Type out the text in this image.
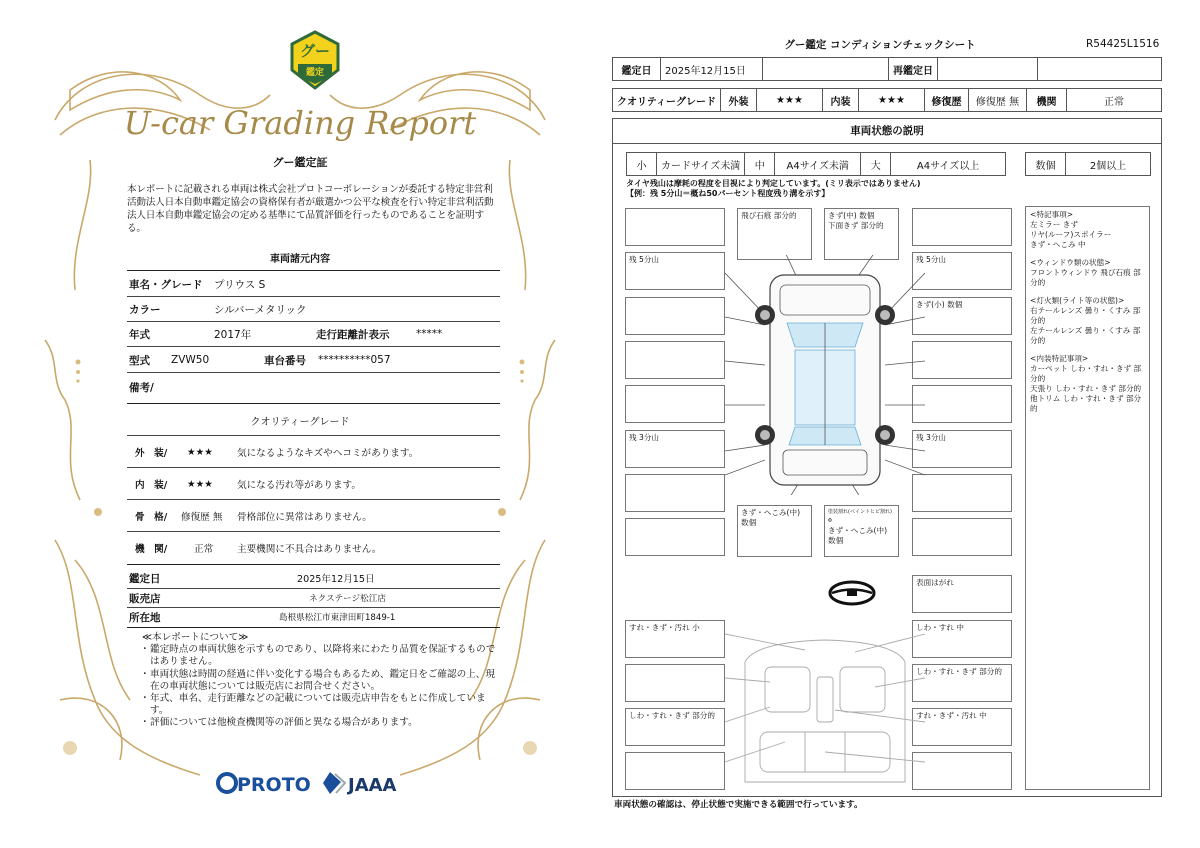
グー
鑑定
U-car Grading Report
グー鑑定証
本レポートに記載される車両は株式会社プロトコーポレーションが委託する特定非営利活動法人日本自動車鑑定協会の資格保有者が厳選かつ公平な検査を行い特定非営利活動法人日本自動車鑑定協会の定める基準にて品質評価を行ったものであることを証明する。
車両諸元内容
車名・グレード	プリウス S
カラー	シルバーメタリック
年式	2017年	走行距離計表示	*****
型式	ZVW50	車台番号	**********057
備考/
クオリティーグレード
外　装/	★★★	気になるようなキズやヘコミがあります。
内　装/	★★★	気になる汚れ等があります。
骨　格/	修復歴 無	骨格部位に異常はありません。
機　関/	正常	主要機関に不具合はありません。
鑑定日	2025年12月15日
販売店	ネクステージ松江店
所在地	島根県松江市東津田町1849-1
≪本レポートについて≫
・ 鑑定時点の車両状態を示すものであり、以降将来にわたり品質を保証するものではありません。
・ 車両状態は時間の経過に伴い変化する場合もあるため、鑑定日をご確認の上、現在の車両状態については販売店にお問合せください。
・ 年式、車名、走行距離などの記載については販売店申告をもとに作成しています。
・ 評価については他検査機関等の評価と異なる場合があります。
PROTO JAAA
グー鑑定 コンディションチェックシート	R54425L1516
鑑定日	2025年12月15日		再鑑定日		
クオリティーグレード	外装	★★★	内装	★★★	修復歴	修復歴 無	機関	正常
車両状態の説明
小	カードサイズ未満	中	A4サイズ未満	大	A4サイズ以上	数個	2個以上
タイヤ残山は摩耗の程度を目視により判定しています。(ミリ表示ではありません)
【例：残 5分山＝概ね50パーセント程度残り溝を示す】
残 5分山
残 3分山
すれ・きず・汚れ 小
しわ・すれ・きず 部分的
残 5分山
きず(小) 数個
残 3分山
表面はがれ
しわ・すれ 中
しわ・すれ・きず 部分的
すれ・きず・汚れ 中
飛び石痕 部分的	きず(中) 数個
下面きず 部分的
きず・へこみ(中) 数個
塗装割れ(ペイントヒビ割れ) Φ
きず・へこみ(中) 数個
<特記事項>
左ミラー きず
リヤ(ルーフ)スポイラー
きず・へこみ 中
<ウィンドウ類の状態>
フロントウィンドウ 飛び石痕 部分的
<灯火類(ライト等の状態)>
右テールレンズ 曇り・くすみ 部分的
左テールレンズ 曇り・くすみ 部分的
<内装特記事項>
カーペット しわ・すれ・きず 部分的
天張り しわ・すれ・きず 部分的
他トリム しわ・すれ・きず 部分的
車両状態の確認は、停止状態で実施できる範囲で行っています。
